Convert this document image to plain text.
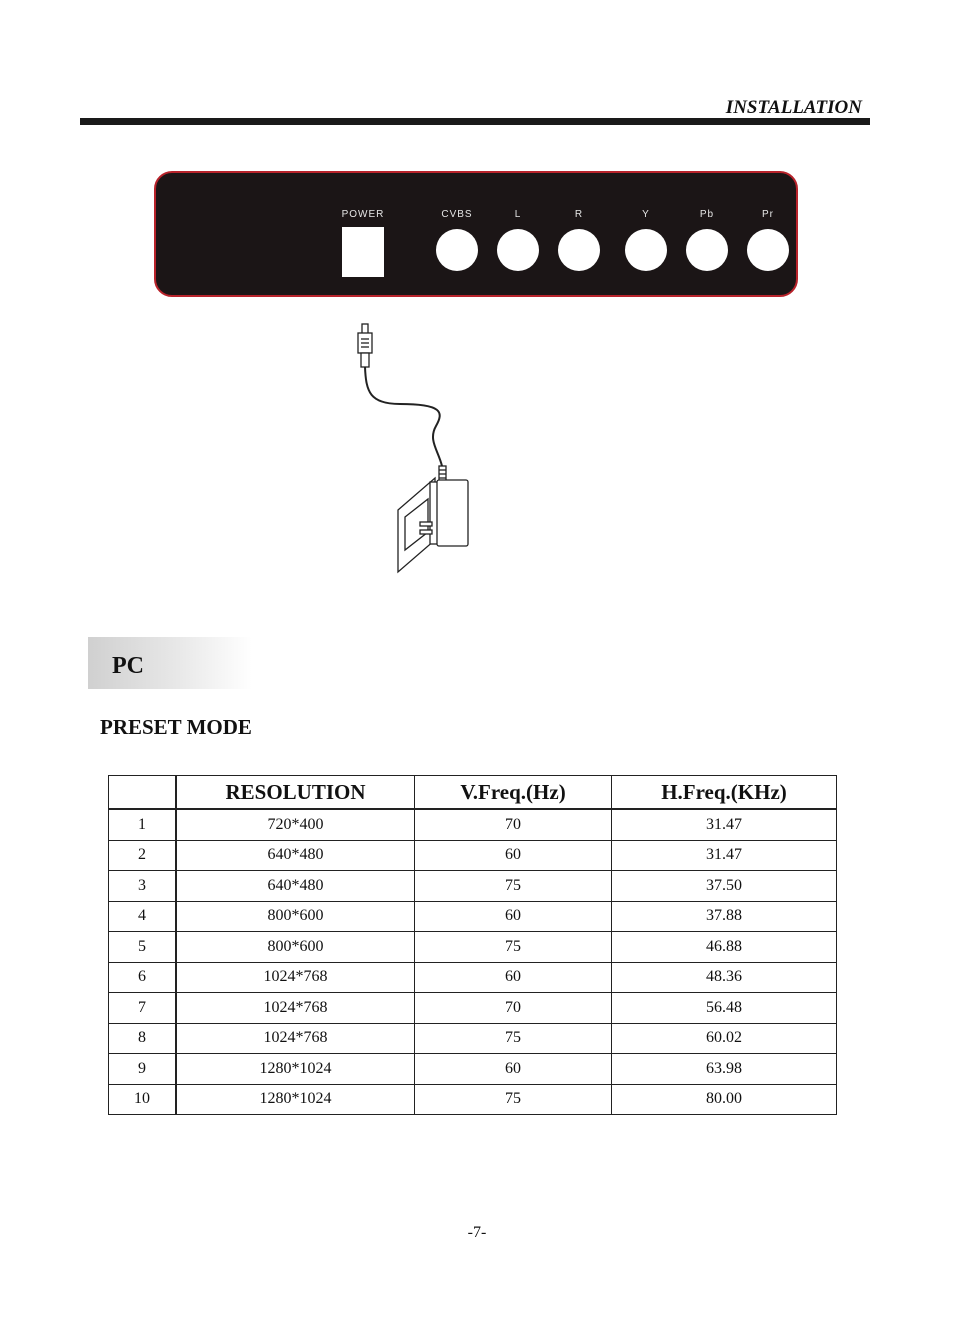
INSTALLATION
POWER	CVBS	L	R	Y	Pb	Pr
PC
PRESET MODE
	RESOLUTION	V.Freq.(Hz)	H.Freq.(KHz)
1	720*400	70	31.47
2	640*480	60	31.47
3	640*480	75	37.50
4	800*600	60	37.88
5	800*600	75	46.88
6	1024*768	60	48.36
7	1024*768	70	56.48
8	1024*768	75	60.02
9	1280*1024	60	63.98
10	1280*1024	75	80.00
-7-
